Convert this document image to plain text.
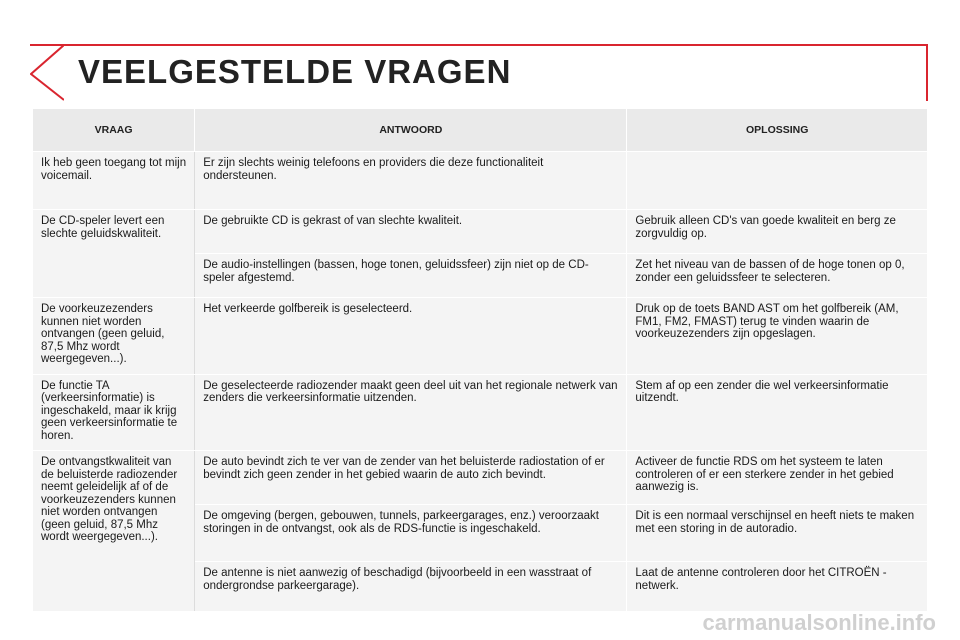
VEELGESTELDE VRAGEN
VRAAG	ANTWOORD	OPLOSSING
Ik heb geen toegang tot mijn voicemail.	Er zijn slechts weinig telefoons en providers die deze functionaliteit ondersteunen.	
De CD-speler levert een slechte geluidskwaliteit.	De gebruikte CD is gekrast of van slechte kwaliteit.	Gebruik alleen CD's van goede kwaliteit en berg ze zorgvuldig op.
	De audio-instellingen (bassen, hoge tonen, geluidssfeer) zijn niet op de CD-speler afgestemd.	Zet het niveau van de bassen of de hoge tonen op 0, zonder een geluidssfeer te selecteren.
De voorkeuzezenders kunnen niet worden ontvangen (geen geluid, 87,5 Mhz wordt weergegeven...).	Het verkeerde golfbereik is geselecteerd.	Druk op de toets BAND AST om het golfbereik (AM, FM1, FM2, FMAST) terug te vinden waarin de voorkeuzezenders zijn opgeslagen.
De functie TA (verkeersinformatie) is ingeschakeld, maar ik krijg geen verkeersinformatie te horen.	De geselecteerde radiozender maakt geen deel uit van het regionale netwerk van zenders die verkeersinformatie uitzenden.	Stem af op een zender die wel verkeersinformatie uitzendt.
De ontvangstkwaliteit van de beluisterde radiozender neemt geleidelijk af of de voorkeuzezenders kunnen niet worden ontvangen (geen geluid, 87,5 Mhz wordt weergegeven...).	De auto bevindt zich te ver van de zender van het beluisterde radiostation of er bevindt zich geen zender in het gebied waarin de auto zich bevindt.	Activeer de functie RDS om het systeem te laten controleren of er een sterkere zender in het gebied aanwezig is.
	De omgeving (bergen, gebouwen, tunnels, parkeergarages, enz.) veroorzaakt storingen in de ontvangst, ook als de RDS-functie is ingeschakeld.	Dit is een normaal verschijnsel en heeft niets te maken met een storing in de autoradio.
	De antenne is niet aanwezig of beschadigd (bijvoorbeeld in een wasstraat of ondergrondse parkeergarage).	Laat de antenne controleren door het CITROËN -netwerk.
carmanualsonline.info
